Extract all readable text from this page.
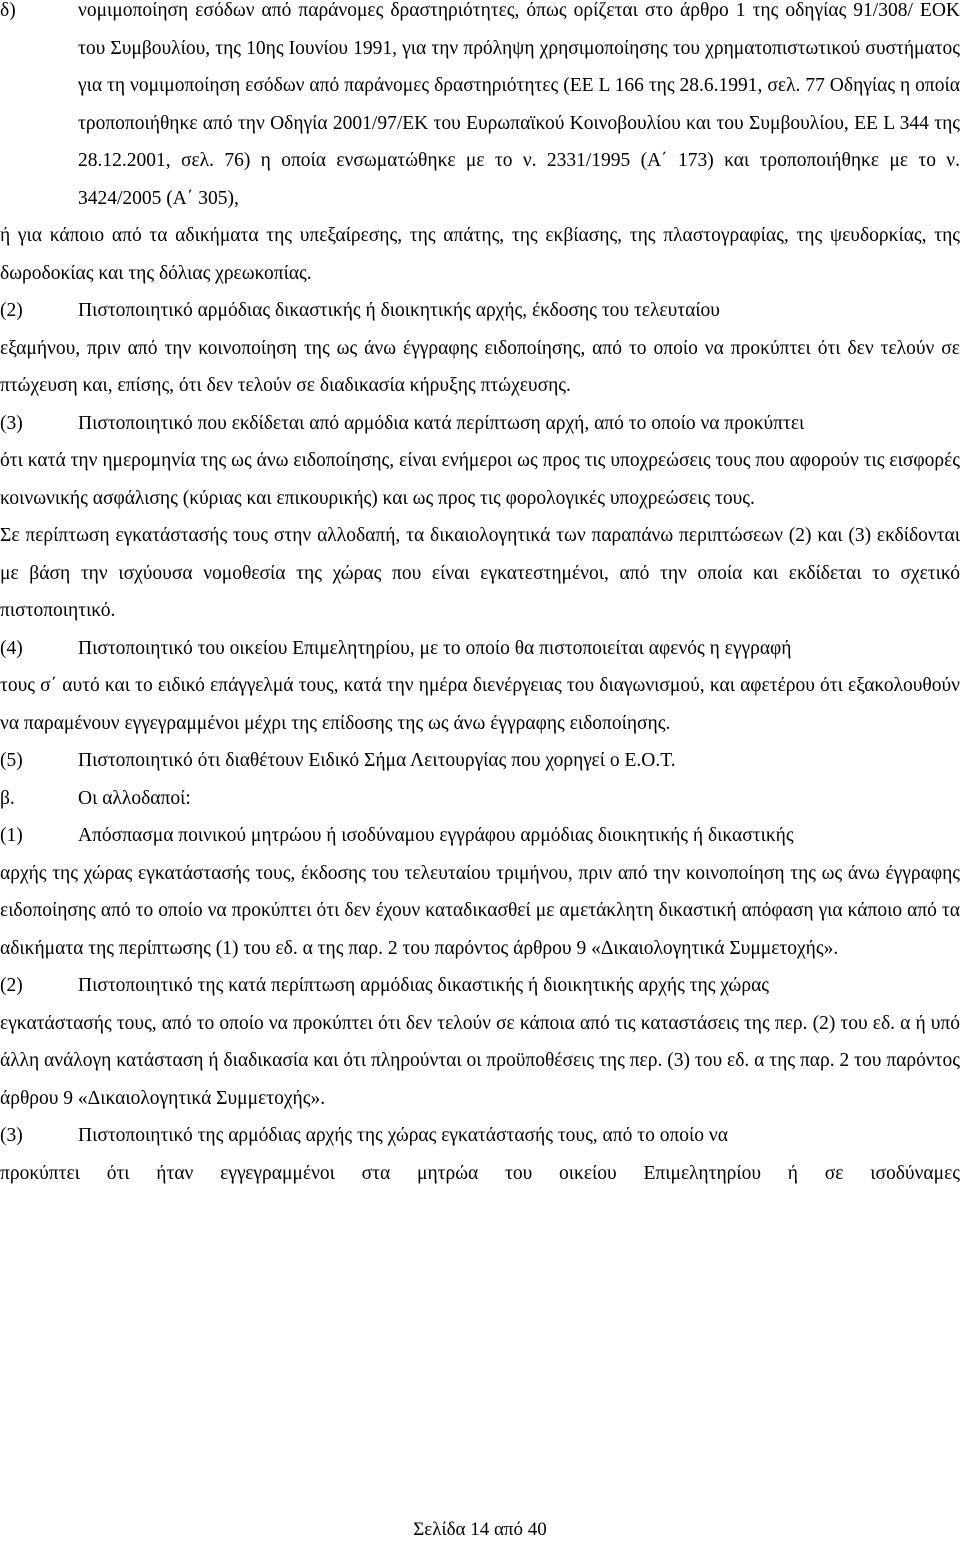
δ)	νομιμοποίηση εσόδων από παράνομες δραστηριότητες, όπως ορίζεται στο άρθρο 1 της οδηγίας 91/308/ ΕΟΚ του Συμβουλίου, της 10ης Ιουνίου 1991, για την πρόληψη χρησιμοποίησης του χρηματοπιστωτικού συστήματος για τη νομιμοποίηση εσόδων από παράνομες δραστηριότητες (ΕΕ L 166 της 28.6.1991, σελ. 77 Οδηγίας η οποία τροποποιήθηκε από την Οδηγία 2001/97/ΕΚ του Ευρωπαϊκού Κοινοβουλίου και του Συμβουλίου, ΕΕ L 344 της 28.12.2001, σελ. 76) η οποία ενσωματώθηκε με το ν. 2331/1995 (Α΄ 173) και τροποποιήθηκε με το ν. 3424/2005 (Α΄ 305),
ή για κάποιο από τα αδικήματα της υπεξαίρεσης, της απάτης, της εκβίασης, της πλαστογραφίας, της ψευδορκίας, της δωροδοκίας και της δόλιας χρεωκοπίας.
(2)	Πιστοποιητικό αρμόδιας δικαστικής ή διοικητικής αρχής, έκδοσης του τελευταίου
εξαμήνου, πριν από την κοινοποίηση της ως άνω έγγραφης ειδοποίησης, από το οποίο να προκύπτει ότι δεν τελούν σε πτώχευση και, επίσης, ότι δεν τελούν σε διαδικασία κήρυξης πτώχευσης.
(3)	Πιστοποιητικό που εκδίδεται από αρμόδια κατά περίπτωση αρχή, από το οποίο να προκύπτει
ότι κατά την ημερομηνία της ως άνω ειδοποίησης, είναι ενήμεροι ως προς τις υποχρεώσεις τους που αφορούν τις εισφορές κοινωνικής ασφάλισης (κύριας και επικουρικής) και ως προς τις φορολογικές υποχρεώσεις τους.
Σε περίπτωση εγκατάστασής τους στην αλλοδαπή, τα δικαιολογητικά των παραπάνω περιπτώσεων (2) και (3) εκδίδονται με βάση την ισχύουσα νομοθεσία της χώρας που είναι εγκατεστημένοι, από την οποία και εκδίδεται το σχετικό πιστοποιητικό.
(4)	Πιστοποιητικό του οικείου Επιμελητηρίου, με το οποίο θα πιστοποιείται αφενός η εγγραφή
τους σ΄ αυτό και το ειδικό επάγγελμά τους, κατά την ημέρα διενέργειας του διαγωνισμού, και αφετέρου ότι εξακολουθούν να παραμένουν εγγεγραμμένοι μέχρι της επίδοσης της ως άνω έγγραφης ειδοποίησης.
(5)	Πιστοποιητικό ότι διαθέτουν Ειδικό Σήμα Λειτουργίας που χορηγεί ο Ε.Ο.Τ.
β.	Οι αλλοδαποί:
(1)	Απόσπασμα ποινικού μητρώου ή ισοδύναμου εγγράφου αρμόδιας διοικητικής ή δικαστικής
αρχής της χώρας εγκατάστασής τους, έκδοσης του τελευταίου τριμήνου, πριν από την κοινοποίηση της ως άνω έγγραφης ειδοποίησης από το οποίο να προκύπτει ότι δεν έχουν καταδικασθεί με αμετάκλητη δικαστική απόφαση για κάποιο από τα αδικήματα της περίπτωσης (1) του εδ. α της παρ. 2 του παρόντος άρθρου 9 «Δικαιολογητικά Συμμετοχής».
(2)	Πιστοποιητικό της κατά περίπτωση αρμόδιας δικαστικής ή διοικητικής αρχής της χώρας
εγκατάστασής τους, από το οποίο να προκύπτει ότι δεν τελούν σε κάποια από τις καταστάσεις της περ. (2) του εδ. α ή υπό άλλη ανάλογη κατάσταση ή διαδικασία και ότι πληρούνται οι προϋποθέσεις της περ. (3) του εδ. α της παρ. 2 του παρόντος άρθρου 9 «Δικαιολογητικά Συμμετοχής».
(3)	Πιστοποιητικό της αρμόδιας αρχής της χώρας εγκατάστασής τους, από το οποίο να
προκύπτει ότι ήταν εγγεγραμμένοι στα μητρώα του οικείου Επιμελητηρίου ή σε ισοδύναμες
Σελίδα 14 από 40
